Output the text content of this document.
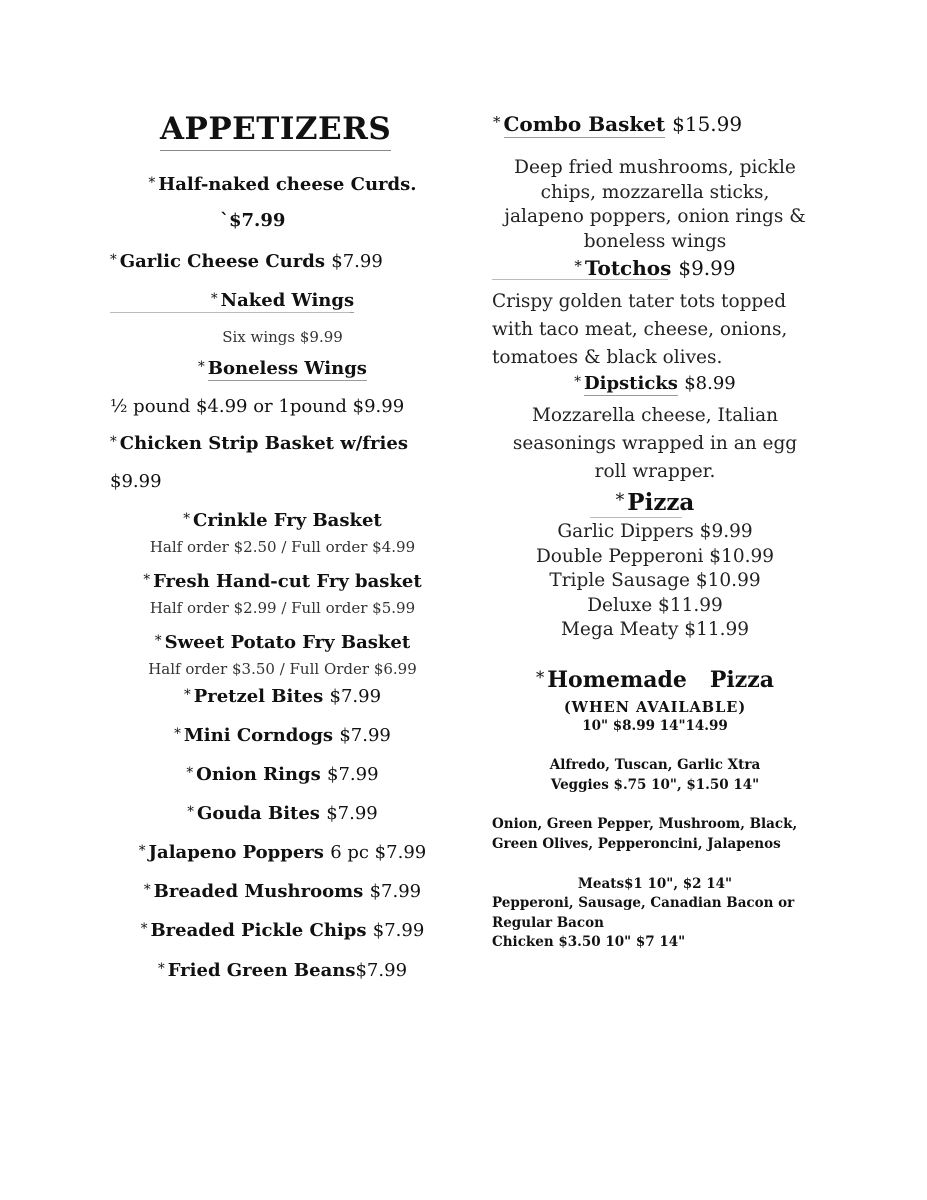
APPETIZERS
* Half-naked cheese Curds.
`$7.99
* Garlic Cheese Curds $7.99
* Naked Wings
Six wings $9.99
* Boneless Wings
½ pound $4.99 or 1pound $9.99
* Chicken Strip Basket w/fries
$9.99
* Crinkle Fry Basket
Half order $2.50 / Full order $4.99
* Fresh Hand-cut Fry basket
Half order $2.99 / Full order $5.99
* Sweet Potato Fry Basket
Half order $3.50 / Full Order $6.99
* Pretzel Bites $7.99
* Mini Corndogs $7.99
* Onion Rings $7.99
* Gouda Bites $7.99
* Jalapeno Poppers 6 pc $7.99
* Breaded Mushrooms $7.99
* Breaded Pickle Chips $7.99
* Fried Green Beans$7.99
* Combo Basket $15.99
Deep fried mushrooms, pickle
chips, mozzarella sticks,
jalapeno poppers, onion rings &
boneless wings
* Totchos $9.99
Crispy golden tater tots topped
with taco meat, cheese, onions,
tomatoes & black olives.
* Dipsticks $8.99
Mozzarella cheese, Italian
seasonings wrapped in an egg
roll wrapper.
* Pizza
Garlic Dippers $9.99
Double Pepperoni $10.99
Triple Sausage $10.99
Deluxe $11.99
Mega Meaty $11.99
* Homemade   Pizza
(WHEN AVAILABLE)
10" $8.99 14"14.99
Alfredo, Tuscan, Garlic Xtra
Veggies $.75 10", $1.50 14"
Onion, Green Pepper, Mushroom, Black,
Green Olives, Pepperoncini, Jalapenos
Meats$1 10", $2 14"
Pepperoni, Sausage, Canadian Bacon or
Regular Bacon
Chicken $3.50 10" $7 14"
